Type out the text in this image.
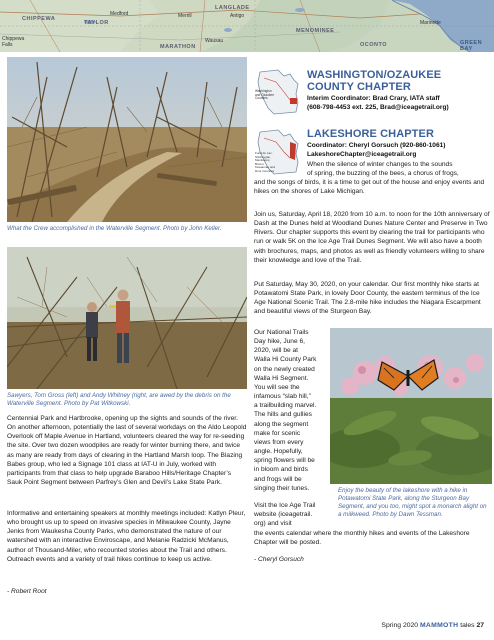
CHIPPEWA
TAYLOR
LANGLADE
MENOMINEE
OCONTO
MARATHON
Medford	Merrill	Antigo
Wausau
Marinette
Chippewa Falls	GREEN BAY
What the Crew accomplished in the Waterville Segment. Photo by John Keller.
Sawyers, Tom Gross (left) and Andy Whitney (right, are awed by the debris on the Waterville Segment. Photo by Pat Witkowski.
Centennial Park and Hartbrooke, opening up the sights and sounds of the river. On another afternoon, potentially the last of several workdays on the Aldo Leopold Overlook off Maple Avenue in Hartland, volunteers cleared the way for re-seeding the site. Over two dozen woodpiles are ready for winter burning there, and twice as many are ready from days of clearing in the Hartland Marsh loop. The Blazing Babes group, who led a Signage 101 class at IAT-U in July, worked with participants from that class to help upgrade Baraboo Hills/Heritage Chapter’s Sauk Point Segment between Parfrey’s Glen and Devil’s Lake State Park.
Informative and entertaining speakers at monthly meetings included: Katlyn Pleur, who brought us up to speed on invasive species in Milwaukee County, Jayne Jenks from Waukesha County Parks, who demonstrated the nature of our watershed with an interactive Enviroscape, and Melanie Radzicki McManus, author of Thousand-Miler, who recounted stories about the Trail and others. Outreach events and a variety of trail hikes continue to keep us active.
- Robert Root
Washington and Ozaukee Counties
WASHINGTON/OZAUKEE
COUNTY CHAPTER
Interim Coordinator: Brad Crary, IATA staff
(608-798-4453 ext. 225, Brad@iceagetrail.org)
Fond du Lac, Sheboygan, Manitowoc, Brown, Kewaunee and Door Counties
LAKESHORE CHAPTER
Coordinator: Cheryl Gorsuch (920-860-1061)
LakeshoreChapter@iceagetrail.org
When the silence of winter changes to the sounds
of spring, the buzzing of the bees, a chorus of frogs,
and the songs of birds, it is a time to get out of the house and enjoy events and hikes on the shores of Lake Michigan.
Join us, Saturday, April 18, 2020 from 10 a.m. to noon for the 10th anniversary of Dash at the Dunes held at Woodland Dunes Nature Center and Preserve in Two Rivers. Our chapter supports this event by clearing the trail for participants who run or walk 5K on the Ice Age Trail Dunes Segment. We will also have a booth with brochures, maps, and photos as well as friendly volunteers willing to share their knowledge and love of the Trail.
Put Saturday, May 30, 2020, on your calendar. Our first monthly hike starts at Potawatomi State Park, in lovely Door County, the eastern terminus of the Ice Age National Scenic Trail. The 2.8-mile hike includes the Niagara Escarpment and beautiful views of the Sturgeon Bay.
Our National Trails
Day hike, June 6,
2020, will be at
Walla Hi County Park
on the newly created
Walla Hi Segment.
You will see the
infamous “slab hill,”
a trailbuilding marvel.
The hills and gullies
along the segment
make for scenic
views from every
angle. Hopefully,
spring flowers will be
in bloom and birds
and frogs will be
singing their tunes.
Visit the Ice Age Trail
website (iceagetrail.
org) and visit
the events calendar where the monthly hikes and events of the Lakeshore Chapter will be posted.
- Cheryl Gorsuch
Enjoy the beauty of the lakeshore with a hike in Potawatomi State Park, along the Sturgeon Bay Segment, and you too, might spot a monarch alight on a milkweed. Photo by Dawn Tessman.
Spring 2020 MAMMOTH tales 27
